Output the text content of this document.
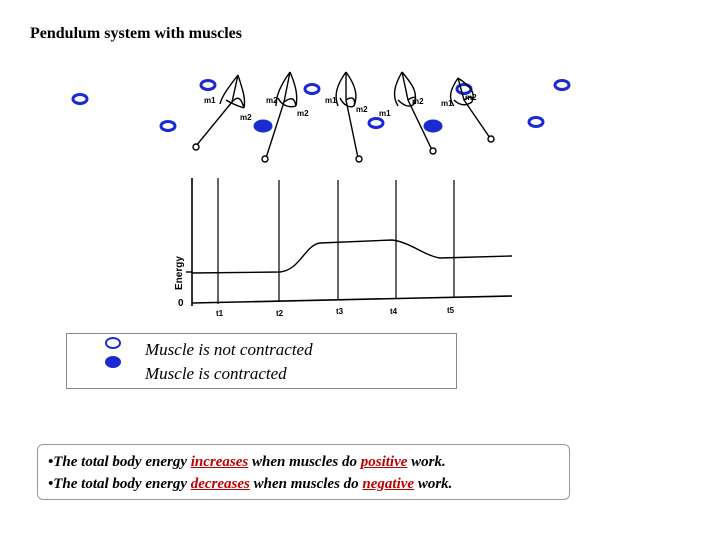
Pendulum system with muscles
m1
m2
m1
m2
m2	m2 m1
m2 m1
m2
Energy
0
t1	t2	t3	t4	t5
Muscle is not contracted
Muscle is contracted
•The total body energy increases when muscles do positive work.
•The total body energy decreases when muscles do negative work.
